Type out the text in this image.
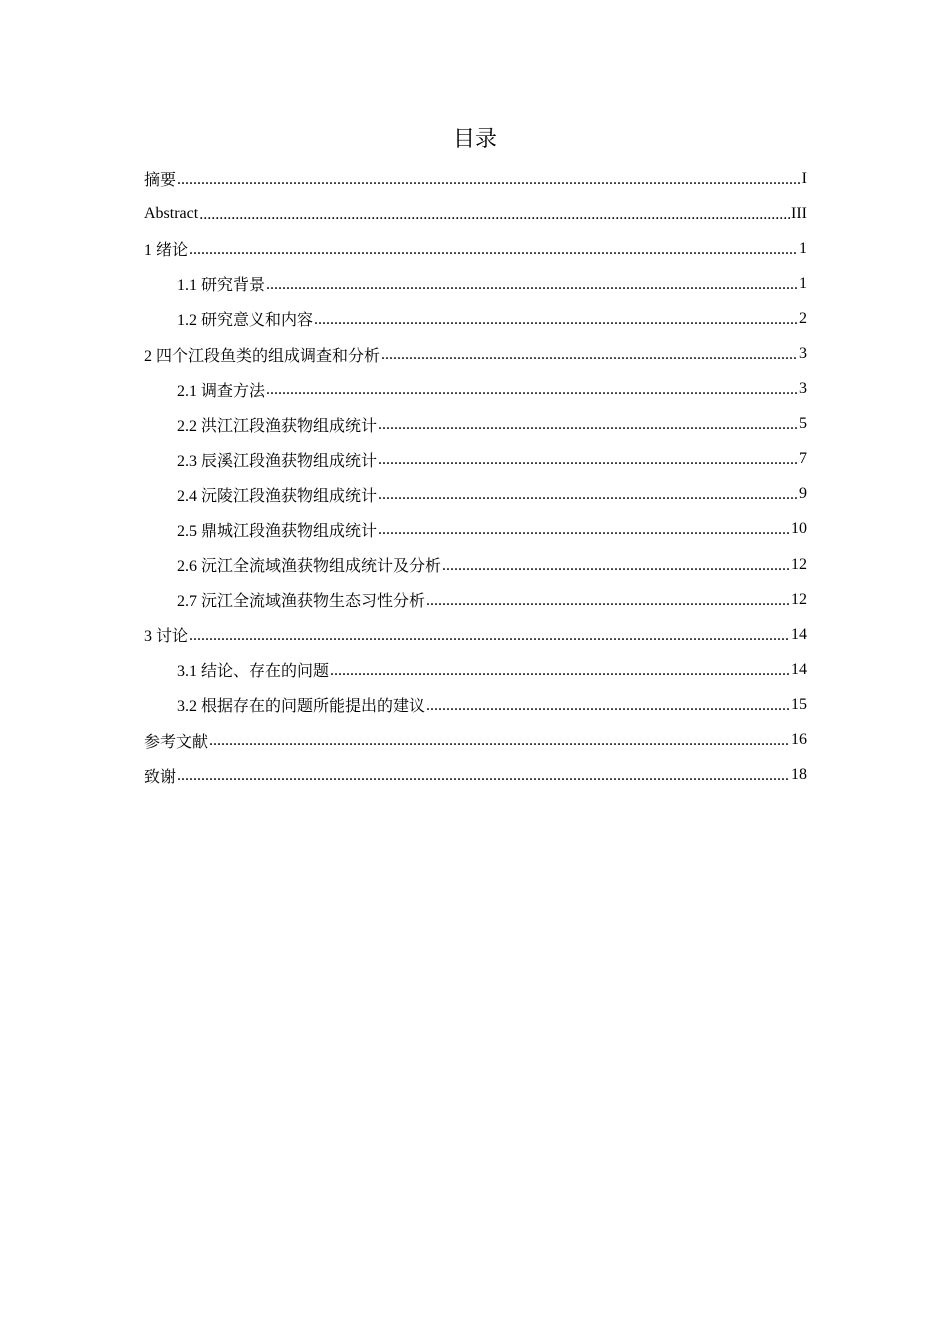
目录
摘要 .....	I
Abstract .....	III
1 绪论 .....	1
1.1 研究背景 .....	1
1.2 研究意义和内容 .....	2
2 四个江段鱼类的组成调查和分析 .....	3
2.1 调查方法 .....	3
2.2 洪江江段渔获物组成统计 .....	5
2.3 辰溪江段渔获物组成统计 .....	7
2.4 沅陵江段渔获物组成统计 .....	9
2.5 鼎城江段渔获物组成统计 .....	10
2.6 沅江全流域渔获物组成统计及分析 .....	12
2.7 沅江全流域渔获物生态习性分析 .....	12
3 讨论 .....	14
3.1 结论、存在的问题 .....	14
3.2 根据存在的问题所能提出的建议 .....	15
参考文献 .....	16
致谢 .....	18
